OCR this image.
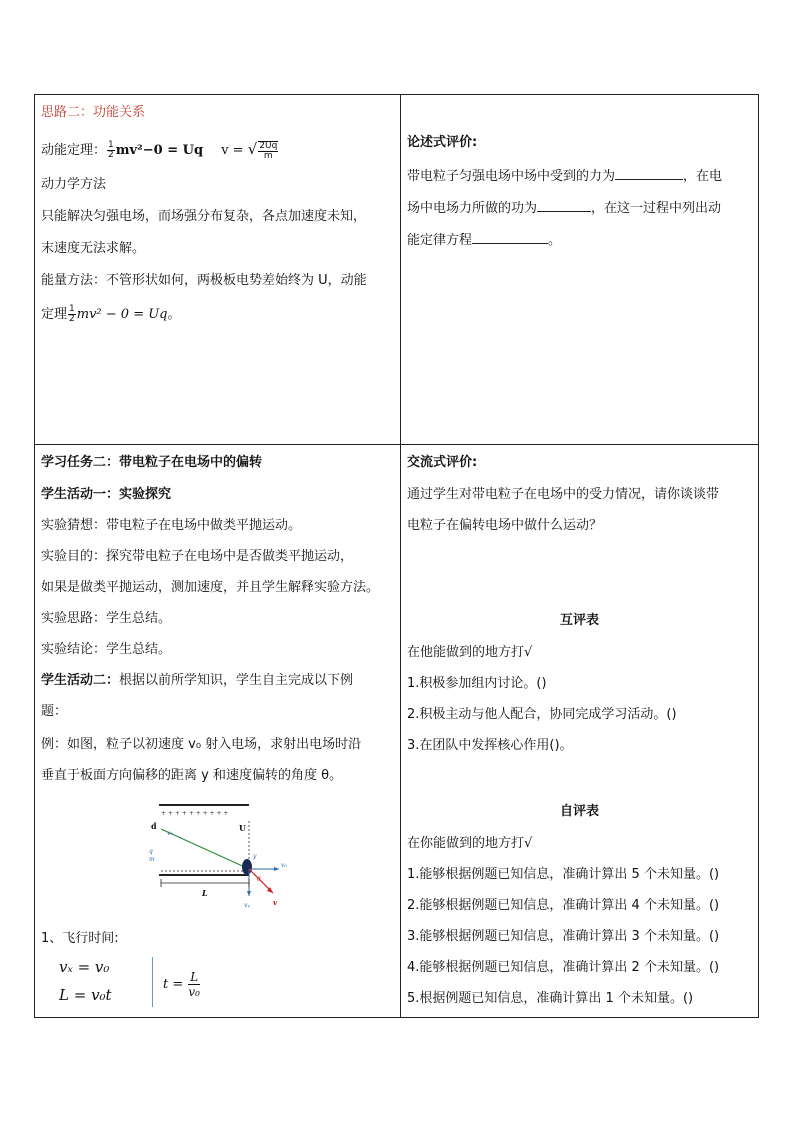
思路二：功能关系
动能定理： $\frac{1}{2} mv^2-0 = Uq$ v = √ $\frac{2Uq}{m}$
动力学方法
只能解决匀强电场，而场强分布复杂，各点加速度未知，
末速度无法求解。
能量方法：不管形状如何，两极板电势差始终为 U，动能
定理 $\frac{1}{2} mv^2 - 0 = Uq$。
论述式评价:
带电粒子匀强电场中场中受到的力为	，在电
场中电场力所做的功为	，在这一过程中列出动
能定律方程	。
学习任务二：带电粒子在电场中的偏转
学生活动一：实验探究
实验猜想：带电粒子在电场中做类平抛运动。
实验目的：探究带电粒子在电场中是否做类平抛运动，
如果是做类平抛运动，测加速度，并且学生解释实验方法。
实验思路：学生总结。
实验结论：学生总结。
学生活动二：根据以前所学知识，学生自主完成以下例
题：
例：如图，粒子以初速度 v₀ 射入电场，求射出电场时沿
垂直于板面方向偏移的距离 y 和速度偏转的角度 θ。
+ + + + + + + + + +
d	U
v₀
q
m	y
v₀
θ
L
vᵧ	v
1、飞行时间:
vₓ = v₀
L = v₀t
$t = \frac{L}{\text{v₀}}$
交流式评价:
通过学生对带电粒子在电场中的受力情况，请你谈谈带
电粒子在偏转电场中做什么运动？
互评表
在他能做到的地方打√
1.积极参加组内讨论。()
2.积极主动与他人配合，协同完成学习活动。()
3.在团队中发挥核心作用()。
自评表
在你能做到的地方打√
1.能够根据例题已知信息，准确计算出 5 个未知量。()
2.能够根据例题已知信息，准确计算出 4 个未知量。()
3.能够根据例题已知信息，准确计算出 3 个未知量。()
4.能够根据例题已知信息，准确计算出 2 个未知量。()
5.根据例题已知信息，准确计算出 1 个未知量。()
